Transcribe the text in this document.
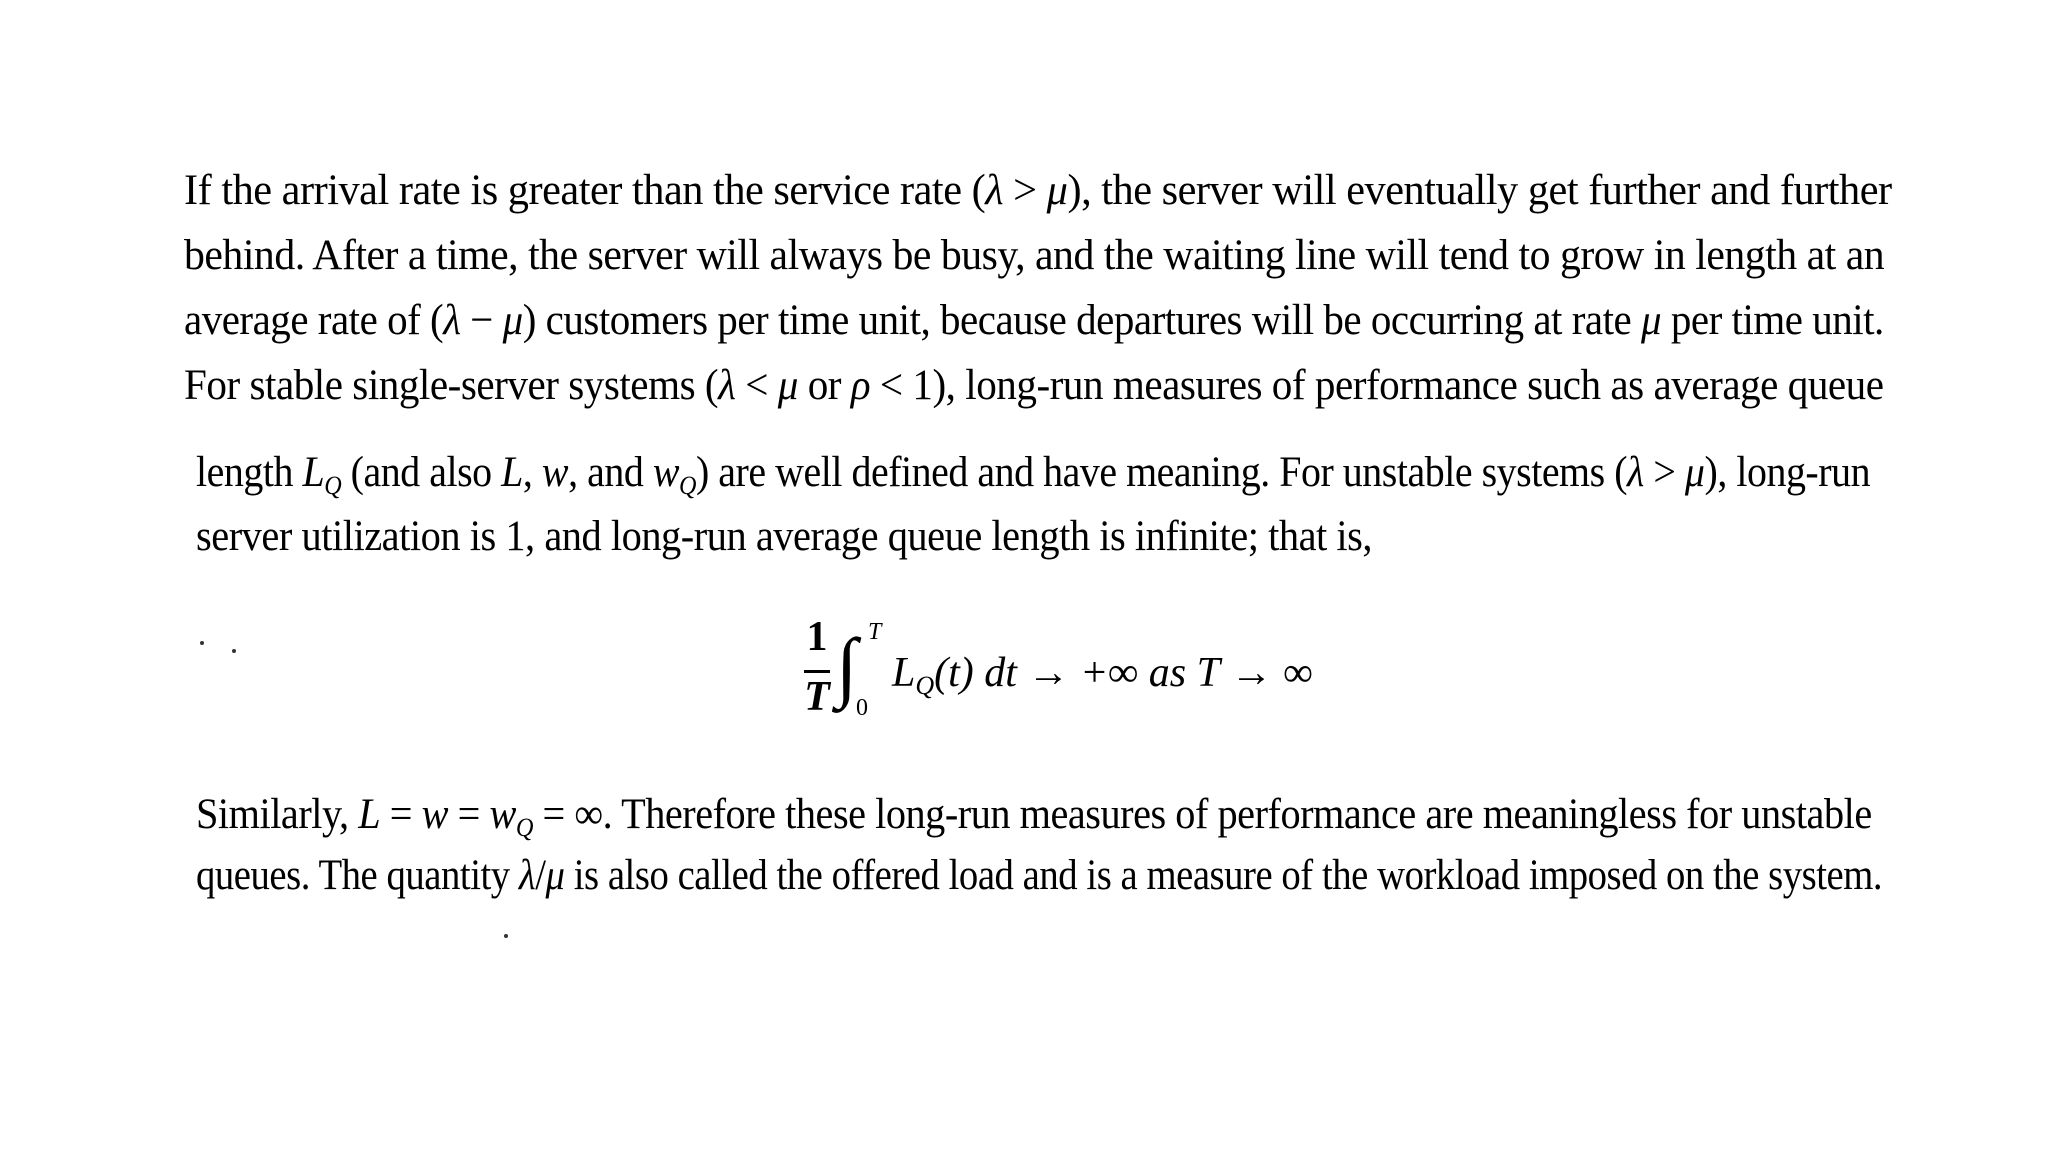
If the arrival rate is greater than the service rate (λ > μ), the server will eventually get further and further
behind. After a time, the server will always be busy, and the waiting line will tend to grow in length at an
average rate of (λ − μ) customers per time unit, because departures will be occurring at rate μ per time unit.
For stable single-server systems (λ < μ or ρ < 1), long-run measures of performance such as average queue
length $L_Q$ (and also L, w, and $w_Q$) are well defined and have meaning. For unstable systems (λ > μ), long-run
server utilization is 1, and long-run average queue length is infinite; that is,
1
T ∫ T
0
$L_Q(t)$ dt → +∞ as T → ∞
Similarly, $L = w = w_Q$ = ∞. Therefore these long-run measures of performance are meaningless for unstable
queues. The quantity λ/μ is also called the offered load and is a measure of the workload imposed on the system.
